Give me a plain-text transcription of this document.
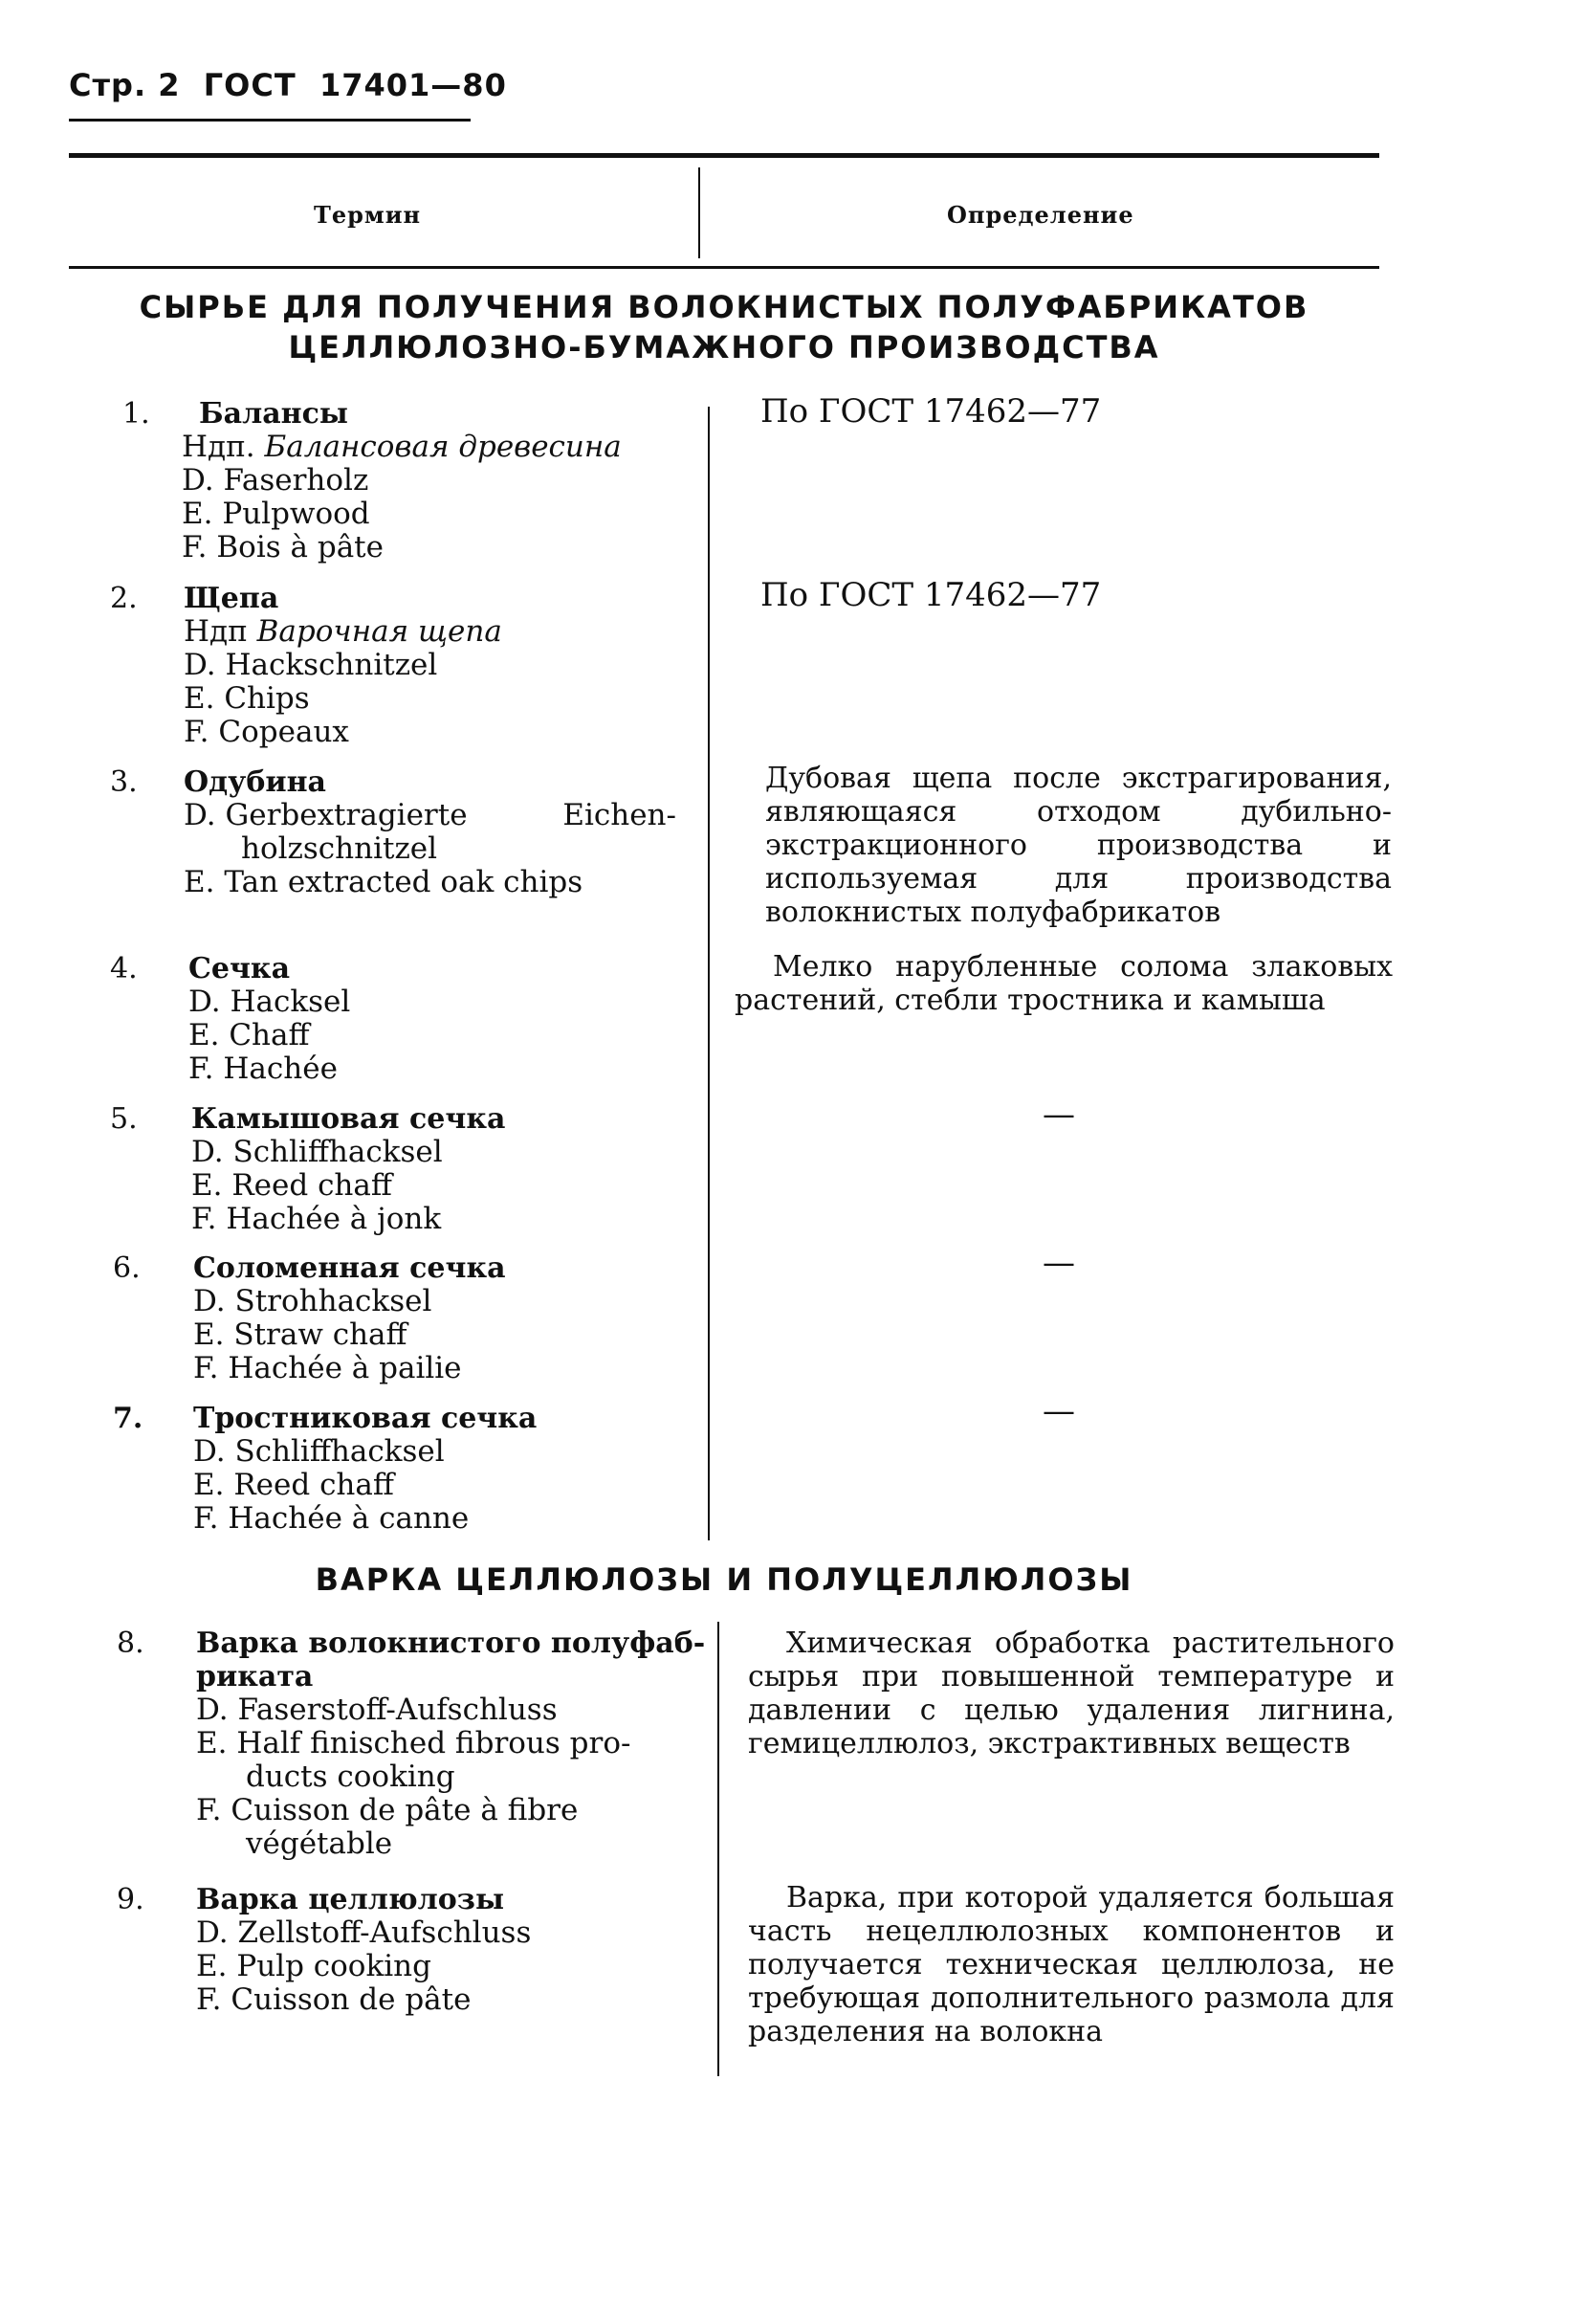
Стр. 2 ГОСТ 17401—80
Термин	Определение
СЫРЬЕ ДЛЯ ПОЛУЧЕНИЯ ВОЛОКНИСТЫХ ПОЛУФАБРИКАТОВ
ЦЕЛЛЮЛОЗНО-БУМАЖНОГО ПРОИЗВОДСТВА
1. Балансы
Ндп. Балансовая древесина
D. Faserholz
E. Pulpwood
F. Bois à pâte
По ГОСТ 17462—77
2. Щепа
Ндп Варочная щепа
D. Hackschnitzel
E. Chips
F. Copeaux
По ГОСТ 17462—77
3. Одубина
D. Gerbextragierte	Eichen-
holzschnitzel
E. Tan extracted oak chips
Дубовая щепа после экстрагирования, являющаяся отходом дубильно-экстракционного производства и используемая для производства волокнистых полуфабрикатов
4. Сечка
D. Hacksel
E. Chaff
F. Hachée
Мелко нарубленные солома злаковых растений, стебли тростника и камыша
5. Камышовая сечка
D. Schliffhacksel
E. Reed chaff
F. Hachée à jonk
—
6. Соломенная сечка
D. Strohhacksel
E. Straw chaff
F. Hachée à pailie
—
7. Тростниковая сечка
D. Schliffhacksel
E. Reed chaff
F. Hachée à canne
—
ВАРКА ЦЕЛЛЮЛОЗЫ И ПОЛУЦЕЛЛЮЛОЗЫ
8. Варка волокнистого полуфаб-
риката
D. Faserstoff-Aufschluss
E. Half finisched fibrous pro-
ducts cooking
F. Cuisson de pâte à fibre
végétable
Химическая обработка растительного сырья при повышенной температуре и давлении с целью удаления лигнина, гемицеллюлоз, экстрактивных веществ
9. Варка целлюлозы
D. Zellstoff-Aufschluss
E. Pulp cooking
F. Cuisson de pâte
Варка, при которой удаляется большая часть нецеллюлозных компонентов и получается техническая целлюлоза, не требующая дополнительного размола для разделения на волокна
